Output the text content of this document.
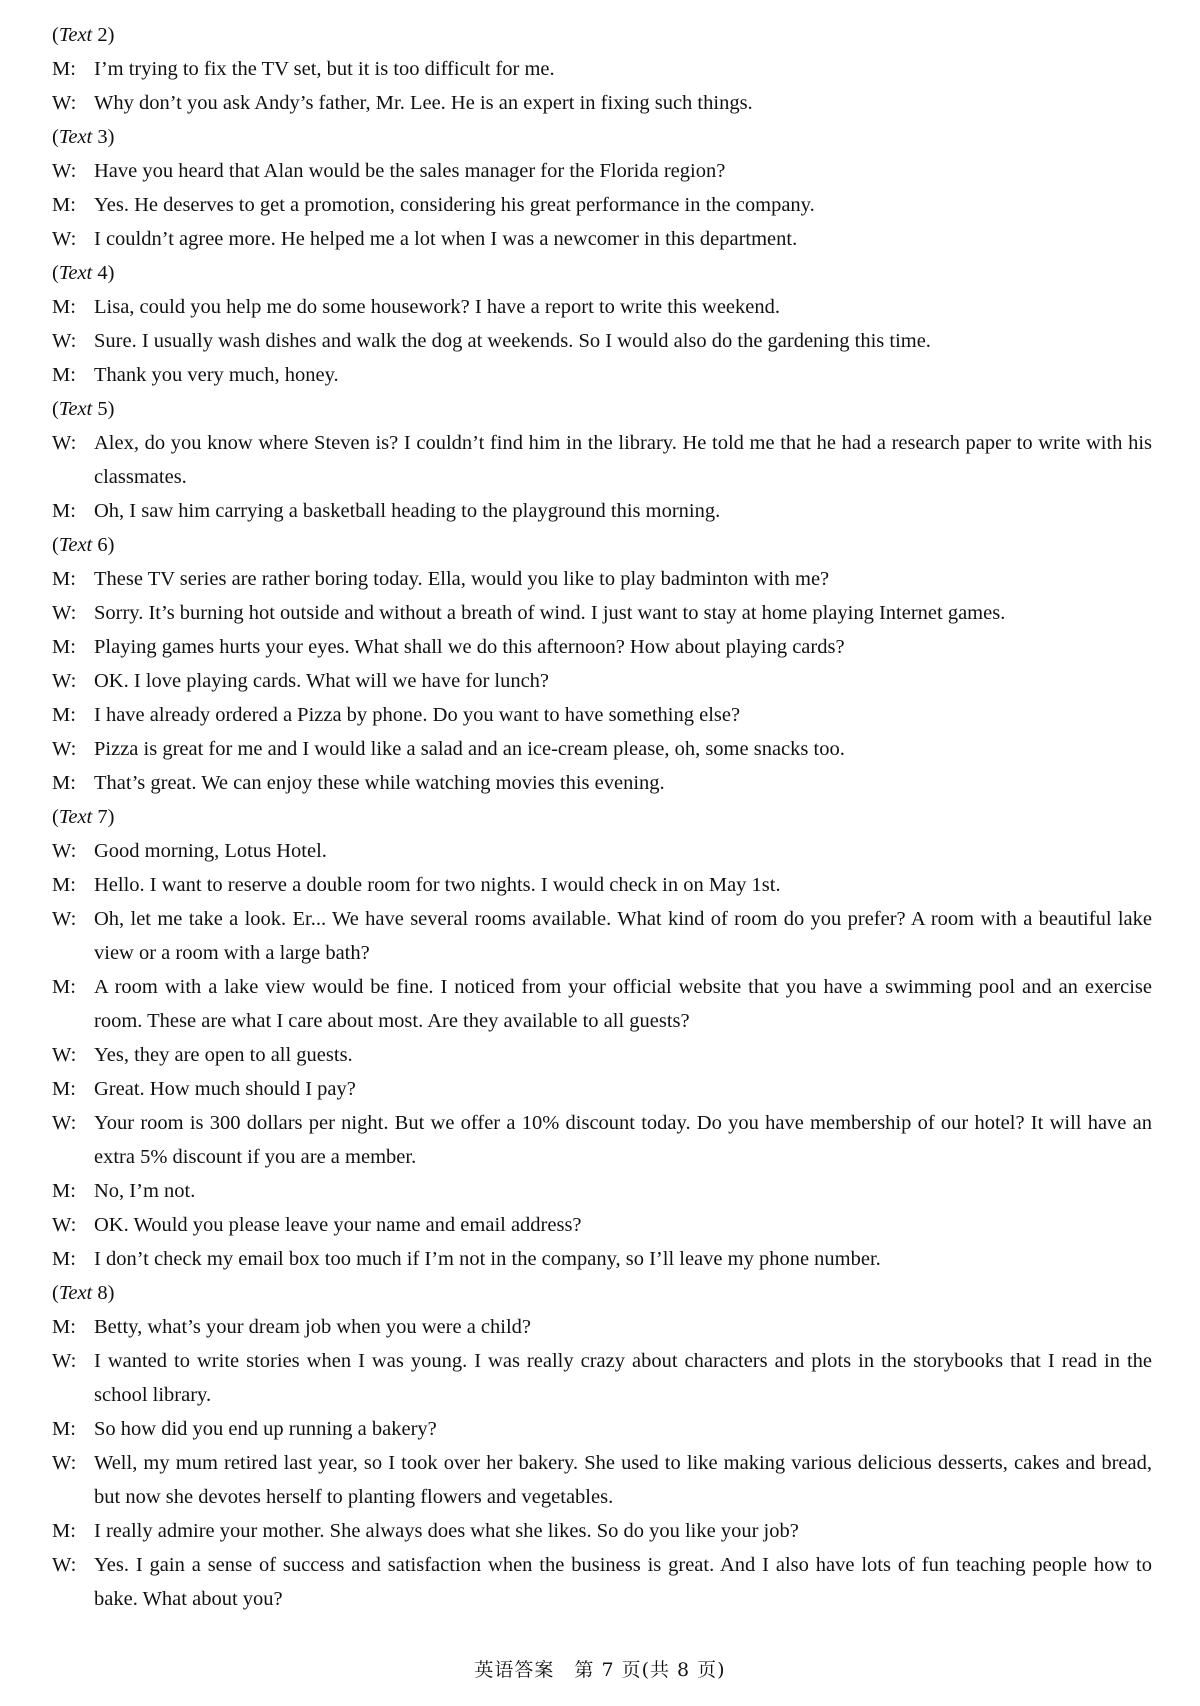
(Text 2)
M: I’m trying to fix the TV set, but it is too difficult for me.
W: Why don’t you ask Andy’s father, Mr. Lee. He is an expert in fixing such things.
(Text 3)
W: Have you heard that Alan would be the sales manager for the Florida region?
M: Yes. He deserves to get a promotion, considering his great performance in the company.
W: I couldn’t agree more. He helped me a lot when I was a newcomer in this department.
(Text 4)
M: Lisa, could you help me do some housework? I have a report to write this weekend.
W: Sure. I usually wash dishes and walk the dog at weekends. So I would also do the gardening this time.
M: Thank you very much, honey.
(Text 5)
W: Alex, do you know where Steven is? I couldn’t find him in the library. He told me that he had a research paper to write with his classmates.
M: Oh, I saw him carrying a basketball heading to the playground this morning.
(Text 6)
M: These TV series are rather boring today. Ella, would you like to play badminton with me?
W: Sorry. It’s burning hot outside and without a breath of wind. I just want to stay at home playing Internet games.
M: Playing games hurts your eyes. What shall we do this afternoon? How about playing cards?
W: OK. I love playing cards. What will we have for lunch?
M: I have already ordered a Pizza by phone. Do you want to have something else?
W: Pizza is great for me and I would like a salad and an ice-cream please, oh, some snacks too.
M: That’s great. We can enjoy these while watching movies this evening.
(Text 7)
W: Good morning, Lotus Hotel.
M: Hello. I want to reserve a double room for two nights. I would check in on May 1st.
W: Oh, let me take a look. Er... We have several rooms available. What kind of room do you prefer? A room with a beautiful lake view or a room with a large bath?
M: A room with a lake view would be fine. I noticed from your official website that you have a swimming pool and an exercise room. These are what I care about most. Are they available to all guests?
W: Yes, they are open to all guests.
M: Great. How much should I pay?
W: Your room is 300 dollars per night. But we offer a 10% discount today. Do you have membership of our hotel? It will have an extra 5% discount if you are a member.
M: No, I’m not.
W: OK. Would you please leave your name and email address?
M: I don’t check my email box too much if I’m not in the company, so I’ll leave my phone number.
(Text 8)
M: Betty, what’s your dream job when you were a child?
W: I wanted to write stories when I was young. I was really crazy about characters and plots in the storybooks that I read in the school library.
M: So how did you end up running a bakery?
W: Well, my mum retired last year, so I took over her bakery. She used to like making various delicious desserts, cakes and bread, but now she devotes herself to planting flowers and vegetables.
M: I really admire your mother. She always does what she likes. So do you like your job?
W: Yes. I gain a sense of success and satisfaction when the business is great. And I also have lots of fun teaching people how to bake. What about you?
英语答案　第 7 页(共 8 页)
